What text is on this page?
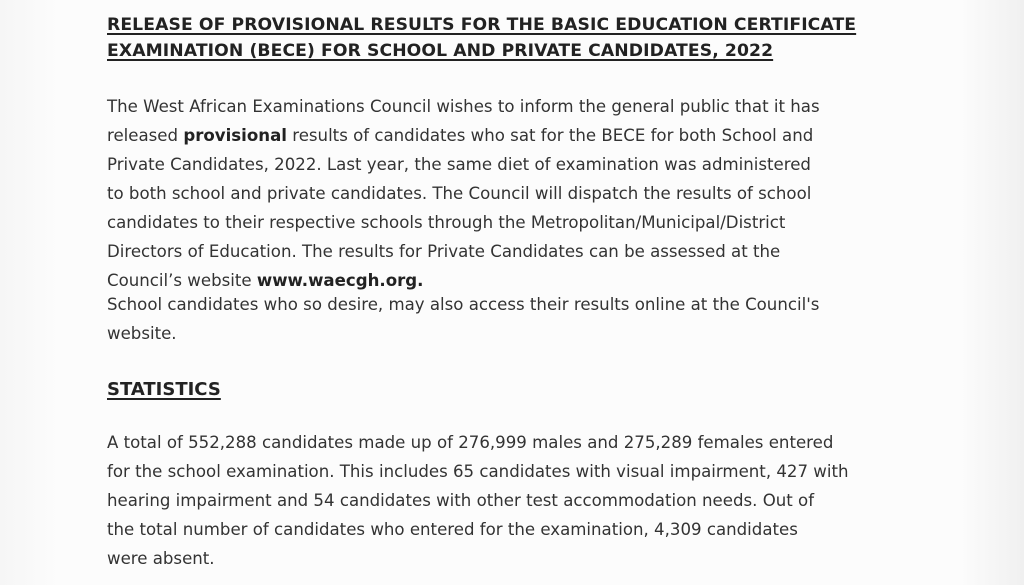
RELEASE OF PROVISIONAL RESULTS FOR THE BASIC EDUCATION CERTIFICATE
EXAMINATION (BECE) FOR SCHOOL AND PRIVATE CANDIDATES, 2022

The West African Examinations Council wishes to inform the general public that it has
released provisional results of candidates who sat for the BECE for both School and
Private Candidates, 2022. Last year, the same diet of examination was administered
to both school and private candidates. The Council will dispatch the results of school
candidates to their respective schools through the Metropolitan/Municipal/District
Directors of Education. The results for Private Candidates can be assessed at the
Council’s website www.waecgh.org.

School candidates who so desire, may also access their results online at the Council's
website.

STATISTICS

A total of 552,288 candidates made up of 276,999 males and 275,289 females entered
for the school examination. This includes 65 candidates with visual impairment, 427 with
hearing impairment and 54 candidates with other test accommodation needs. Out of
the total number of candidates who entered for the examination, 4,309 candidates
were absent.
